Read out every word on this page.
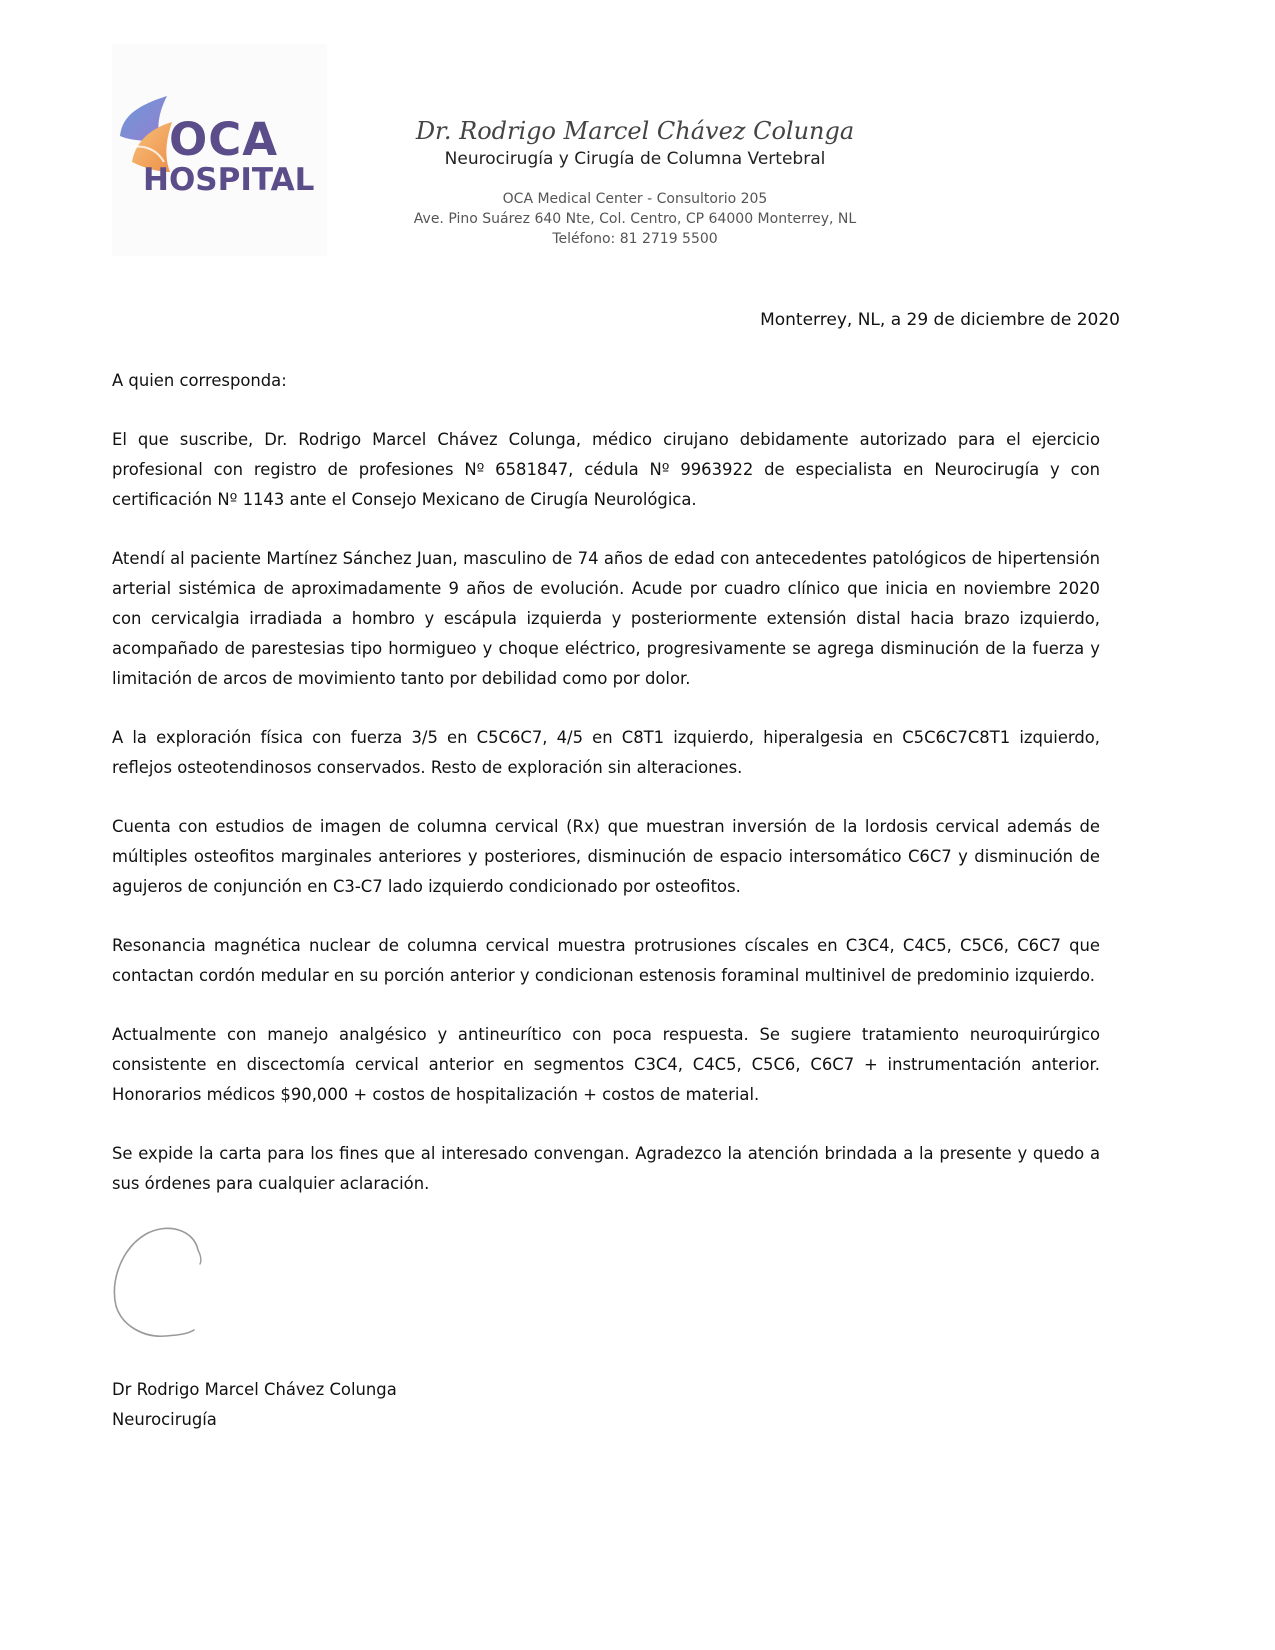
OCA
HOSPITAL
Dr. Rodrigo Marcel Chávez Colunga
Neurocirugía y Cirugía de Columna Vertebral
OCA Medical Center - Consultorio 205
Ave. Pino Suárez 640 Nte, Col. Centro, CP 64000 Monterrey, NL
Teléfono: 81 2719 5500
Monterrey, NL, a 29 de diciembre de 2020

A quien corresponda:

El que suscribe, Dr. Rodrigo Marcel Chávez Colunga, médico cirujano debidamente autorizado para el ejercicio profesional con registro de profesiones Nº 6581847, cédula Nº 9963922 de especialista en Neurocirugía y con certificación Nº 1143 ante el Consejo Mexicano de Cirugía Neurológica.

Atendí al paciente Martínez Sánchez Juan, masculino de 74 años de edad con antecedentes patológicos de hipertensión arterial sistémica de aproximadamente 9 años de evolución. Acude por cuadro clínico que inicia en noviembre 2020 con cervicalgia irradiada a hombro y escápula izquierda y posteriormente extensión distal hacia brazo izquierdo, acompañado de parestesias tipo hormigueo y choque eléctrico, progresivamente se agrega disminución de la fuerza y limitación de arcos de movimiento tanto por debilidad como por dolor.

A la exploración física con fuerza 3/5 en C5C6C7, 4/5 en C8T1 izquierdo, hiperalgesia en C5C6C7C8T1 izquierdo, reflejos osteotendinosos conservados. Resto de exploración sin alteraciones.

Cuenta con estudios de imagen de columna cervical (Rx) que muestran inversión de la lordosis cervical además de múltiples osteofitos marginales anteriores y posteriores, disminución de espacio intersomático C6C7 y disminución de agujeros de conjunción en C3-C7 lado izquierdo condicionado por osteofitos.

Resonancia magnética nuclear de columna cervical muestra protrusiones císcales en C3C4, C4C5, C5C6, C6C7 que contactan cordón medular en su porción anterior y condicionan estenosis foraminal multinivel de predominio izquierdo.

Actualmente con manejo analgésico y antineurítico con poca respuesta. Se sugiere tratamiento neuroquirúrgico consistente en discectomía cervical anterior en segmentos C3C4, C4C5, C5C6, C6C7 + instrumentación anterior. Honorarios médicos $90,000 + costos de hospitalización + costos de material.

Se expide la carta para los fines que al interesado convengan. Agradezco la atención brindada a la presente y quedo a sus órdenes para cualquier aclaración.

Dr Rodrigo Marcel Chávez Colunga
Neurocirugía
